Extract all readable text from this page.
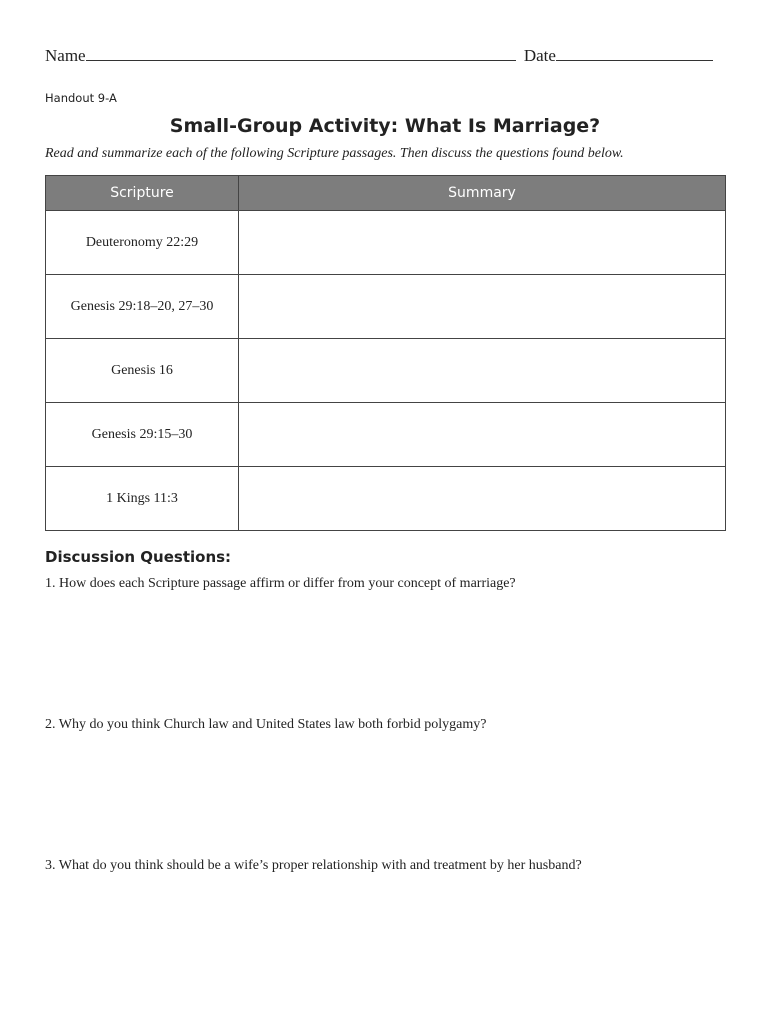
Name	Date
Handout 9-A
Small-Group Activity: What Is Marriage?
Read and summarize each of the following Scripture passages. Then discuss the questions found below.
Scripture	Summary
Deuteronomy 22:29	
Genesis 29:18–20, 27–30	
Genesis 16	
Genesis 29:15–30	
1 Kings 11:3	
Discussion Questions:
1. How does each Scripture passage affirm or differ from your concept of marriage?
2. Why do you think Church law and United States law both forbid polygamy?
3. What do you think should be a wife’s proper relationship with and treatment by her husband?
